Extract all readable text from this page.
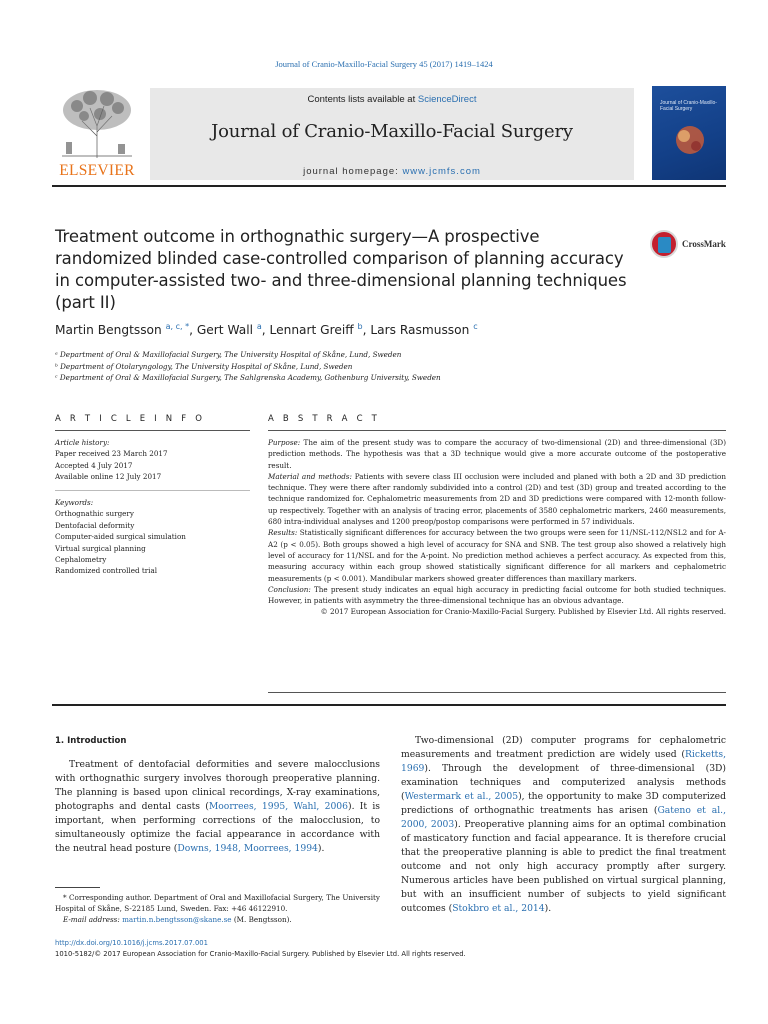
Journal of Cranio-Maxillo-Facial Surgery 45 (2017) 1419–1424
ELSEVIER
Contents lists available at ScienceDirect
Journal of Cranio-Maxillo-Facial Surgery
journal homepage: www.jcmfs.com
Journal of Cranio-Maxillo-Facial Surgery
Treatment outcome in orthognathic surgery—A prospective randomized blinded case-controlled comparison of planning accuracy in computer-assisted two- and three-dimensional planning techniques (part II)
CrossMark
Martin Bengtsson $^{a, c, *}$, Gert Wall $^a$, Lennart Greiff $^b$, Lars Rasmusson $^c$
ᵃ Department of Oral & Maxillofacial Surgery, The University Hospital of Skåne, Lund, Sweden
ᵇ Department of Otolaryngology, The University Hospital of Skåne, Lund, Sweden
ᶜ Department of Oral & Maxillofacial Surgery, The Sahlgrenska Academy, Gothenburg University, Sweden
A R T I C L E I N F O	A B S T R A C T
Article history:
Paper received 23 March 2017
Accepted 4 July 2017
Available online 12 July 2017
Keywords:
Orthognathic surgery
Dentofacial deformity
Computer-aided surgical simulation
Virtual surgical planning
Cephalometry
Randomized controlled trial

Purpose: The aim of the present study was to compare the accuracy of two-dimensional (2D) and three-dimensional (3D) prediction methods. The hypothesis was that a 3D technique would give a more accurate outcome of the postoperative result.

Material and methods: Patients with severe class III occlusion were included and planed with both a 2D and 3D prediction technique. They were there after randomly subdivided into a control (2D) and test (3D) group and treated according to the technique randomized for. Cephalometric measurements from 2D and 3D predictions were compared with 12-month follow-up respectively. Together with an analysis of tracing error, placements of 3580 cephalometric markers, 2460 measurements, 680 intra-individual analyses and 1200 preop/postop comparisons were performed in 57 individuals.

Results: Statistically significant differences for accuracy between the two groups were seen for 11/NSL-112/NSL2 and for A-A2 (p < 0.05). Both groups showed a high level of accuracy for SNA and SNB. The test group also showed a relatively high level of accuracy for 11/NSL and for the A-point. No prediction method achieves a perfect accuracy. As expected from this, measuring accuracy within each group showed statistically significant difference for all markers and cephalometric measurements (p < 0.001). Mandibular markers showed greater differences than maxillary markers.

Conclusion: The present study indicates an equal high accuracy in predicting facial outcome for both studied techniques. However, in patients with asymmetry the three-dimensional technique has an obvious advantage.

© 2017 European Association for Cranio-Maxillo-Facial Surgery. Published by Elsevier Ltd. All rights reserved.

1. Introduction

Treatment of dentofacial deformities and severe malocclusions with orthognathic surgery involves thorough preoperative planning. The planning is based upon clinical recordings, X-ray examinations, photographs and dental casts (Moorrees, 1995, Wahl, 2006). It is important, when performing corrections of the malocclusion, to simultaneously optimize the facial appearance in accordance with the neutral head posture (Downs, 1948, Moorrees, 1994).

Two-dimensional (2D) computer programs for cephalometric measurements and treatment prediction are widely used (Ricketts, 1969). Through the development of three-dimensional (3D) examination techniques and computerized analysis methods (Westermark et al., 2005), the opportunity to make 3D computerized predictions of orthognathic treatments has arisen (Gateno et al., 2000, 2003). Preoperative planning aims for an optimal combination of masticatory function and facial appearance. It is therefore crucial that the preoperative planning is able to predict the final treatment outcome and not only high accuracy promptly after surgery. Numerous articles have been published on virtual surgical planning, but with an insufficient number of subjects to yield significant outcomes (Stokbro et al., 2014).

* Corresponding author. Department of Oral and Maxillofacial Surgery, The University Hospital of Skåne, S-22185 Lund, Sweden. Fax: +46 46122910.
E-mail address: martin.n.bengtsson@skane.se (M. Bengtsson).
http://dx.doi.org/10.1016/j.jcms.2017.07.001
1010-5182/© 2017 European Association for Cranio-Maxillo-Facial Surgery. Published by Elsevier Ltd. All rights reserved.
